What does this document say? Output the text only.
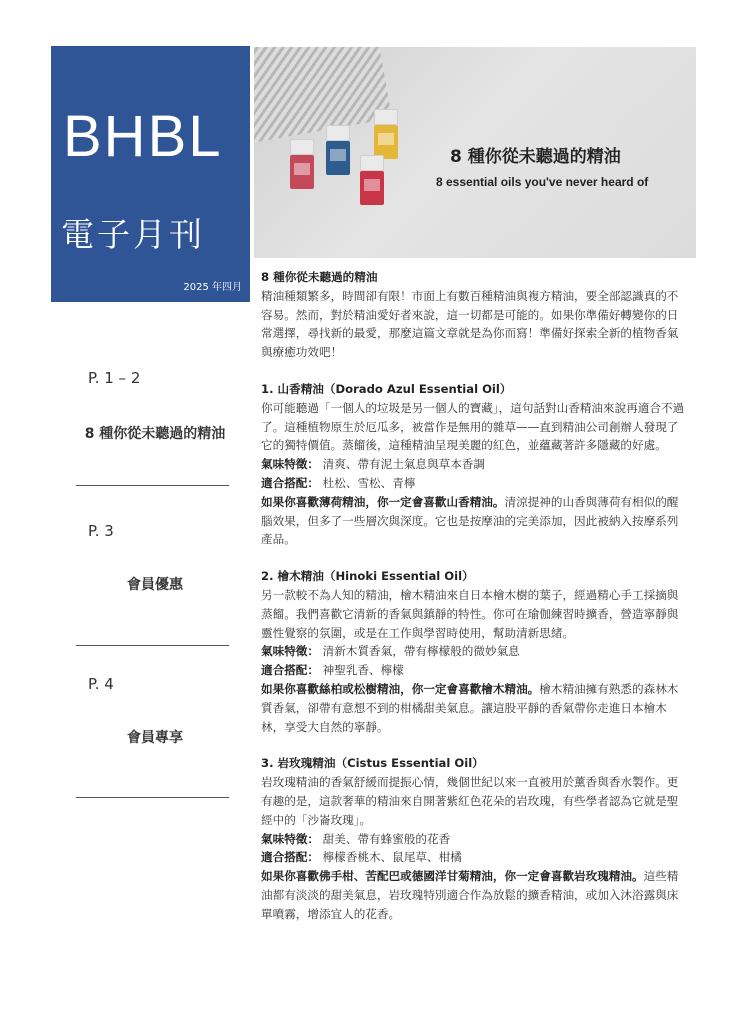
BHBL
電子月刊
2025 年四月
8 種你從未聽過的精油
8 essential oils you've never heard of
P. 1 – 2
8 種你從未聽過的精油
P. 3
會員優惠
P. 4
會員專享

8 種你從未聽過的精油

精油種類繁多，時間卻有限！市面上有數百種精油與複方精油，要全部認識真的不容易。然而，對於精油愛好者來說，這一切都是可能的。如果你準備好轉變你的日常選擇，尋找新的最愛，那麼這篇文章就是為你而寫！準備好探索全新的植物香氣與療癒功效吧！

1. 山香精油（Dorado Azul Essential Oil）

你可能聽過「一個人的垃圾是另一個人的寶藏」，這句話對山香精油來說再適合不過了。這種植物原生於厄瓜多，被當作是無用的雜草——直到精油公司創辦人發現了它的獨特價值。蒸餾後，這種精油呈現美麗的紅色，並蘊藏著許多隱藏的好處。

氣味特徵： 清爽、帶有泥土氣息與草本香調

適合搭配： 杜松、雪松、青檸

如果你喜歡薄荷精油，你一定會喜歡山香精油。清涼提神的山香與薄荷有相似的醒腦效果，但多了一些層次與深度。它也是按摩油的完美添加，因此被納入按摩系列產品。

2. 檜木精油（Hinoki Essential Oil）

另一款較不為人知的精油，檜木精油來自日本檜木樹的葉子，經過精心手工採摘與蒸餾。我們喜歡它清新的香氣與鎮靜的特性。你可在瑜伽練習時擴香，營造寧靜與靈性覺察的氛圍，或是在工作與學習時使用，幫助清新思緒。

氣味特徵： 清新木質香氣，帶有檸檬般的微妙氣息

適合搭配： 神聖乳香、檸檬

如果你喜歡絲柏或松樹精油，你一定會喜歡檜木精油。檜木精油擁有熟悉的森林木質香氣，卻帶有意想不到的柑橘甜美氣息。讓這股平靜的香氣帶你走進日本檜木林，享受大自然的寧靜。

3. 岩玫瑰精油（Cistus Essential Oil）

岩玫瑰精油的香氣舒緩而提振心情，幾個世紀以來一直被用於薰香與香水製作。更有趣的是，這款奢華的精油來自開著紫紅色花朵的岩玫瑰，有些學者認為它就是聖經中的「沙崙玫瑰」。

氣味特徵： 甜美、帶有蜂蜜般的花香

適合搭配： 檸檬香桃木、鼠尾草、柑橘

如果你喜歡佛手柑、苦配巴或德國洋甘菊精油，你一定會喜歡岩玫瑰精油。這些精油都有淡淡的甜美氣息，岩玫瑰特別適合作為放鬆的擴香精油，或加入沐浴露與床單噴霧，增添宜人的花香。
